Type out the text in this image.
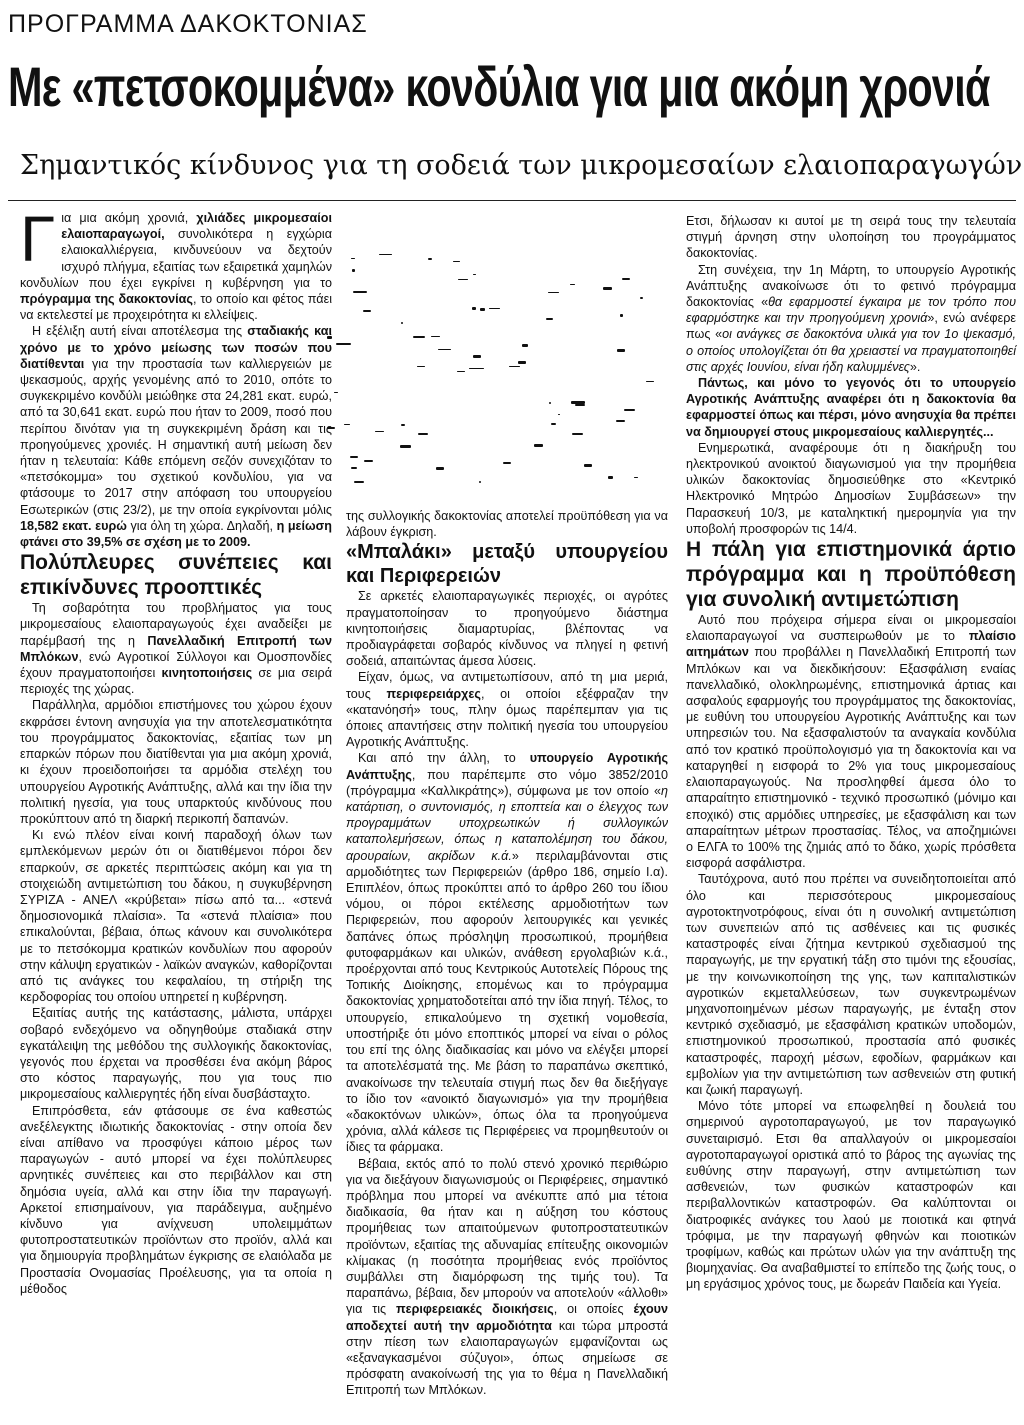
ΠΡΟΓΡΑΜΜΑ ΔΑΚΟΚΤΟΝΙΑΣ
Με «πετσοκομμένα» κονδύλια για μια ακόμη χρονιά
Σημαντικός κίνδυνος για τη σοδειά των μικρομεσαίων ελαιοπαραγωγών
Γ ια μια ακόμη χρονιά, χιλιάδες μικρομεσαίοι ελαιοπαραγωγοί, συνολικότερα η εγχώρια ελαιοκαλλιέργεια, κινδυνεύουν να δεχτούν ισχυρό πλήγμα, εξαιτίας των εξαιρετικά χαμηλών κονδυλίων που έχει εγκρίνει η κυβέρνηση για το πρόγραμμα της δακοκτονίας, το οποίο και φέτος πάει να εκτελεστεί με προχειρότητα κι ελλείψεις.

Η εξέλιξη αυτή είναι αποτέλεσμα της σταδιακής και χρόνο με το χρόνο μείωσης των ποσών που διατίθενται για την προστασία των καλλιεργειών με ψεκασμούς, αρχής γενομένης από το 2010, οπότε το συγκεκριμένο κονδύλι μειώθηκε στα 24,281 εκατ. ευρώ, από τα 30,641 εκατ. ευρώ που ήταν το 2009, ποσό που περίπου δινόταν για τη συγκεκριμένη δράση και τις προηγούμενες χρονιές. Η σημαντική αυτή μείωση δεν ήταν η τελευταία: Κάθε επόμενη σεζόν συνεχιζόταν το «πετσόκομμα» του σχετικού κονδυλίου, για να φτάσουμε το 2017 στην απόφαση του υπουργείου Εσωτερικών (στις 23/2), με την οποία εγκρίνονται μόλις 18,582 εκατ. ευρώ για όλη τη χώρα. Δηλαδή, η μείωση φτάνει στο 39,5% σε σχέση με το 2009.

Πολύπλευρες συνέπειες και επικίνδυνες προοπτικές

Τη σοβαρότητα του προβλήματος για τους μικρομεσαίους ελαιοπαραγωγούς έχει αναδείξει με παρέμβασή της η Πανελλαδική Επιτροπή των Μπλόκων, ενώ Αγροτικοί Σύλλογοι και Ομοσπονδίες έχουν πραγματοποιήσει κινητοποιήσεις σε μια σειρά περιοχές της χώρας.

Παράλληλα, αρμόδιοι επιστήμονες του χώρου έχουν εκφράσει έντονη ανησυχία για την αποτελεσματικότητα του προγράμματος δακοκτονίας, εξαιτίας των μη επαρκών πόρων που διατίθενται για μια ακόμη χρονιά, κι έχουν προειδοποιήσει τα αρμόδια στελέχη του υπουργείου Αγροτικής Ανάπτυξης, αλλά και την ίδια την πολιτική ηγεσία, για τους υπαρκτούς κινδύνους που προκύπτουν από τη διαρκή περικοπή δαπανών.

Κι ενώ πλέον είναι κοινή παραδοχή όλων των εμπλεκόμενων μερών ότι οι διατιθέμενοι πόροι δεν επαρκούν, σε αρκετές περιπτώσεις ακόμη και για τη στοιχειώδη αντιμετώπιση του δάκου, η συγκυβέρνηση ΣΥΡΙΖΑ - ΑΝΕΛ «κρύβεται» πίσω από τα... «στενά δημοσιονομικά πλαίσια». Τα «στενά πλαίσια» που επικαλούνται, βέβαια, όπως κάνουν και συνολικότερα με το πετσόκομμα κρατικών κονδυλίων που αφορούν στην κάλυψη εργατικών - λαϊκών αναγκών, καθορίζονται από τις ανάγκες του κεφαλαίου, τη στήριξη της κερδοφορίας του οποίου υπηρετεί η κυβέρνηση.

Εξαιτίας αυτής της κατάστασης, μάλιστα, υπάρχει σοβαρό ενδεχόμενο να οδηγηθούμε σταδιακά στην εγκατάλειψη της μεθόδου της συλλογικής δακοκτονίας, γεγονός που έρχεται να προσθέσει ένα ακόμη βάρος στο κόστος παραγωγής, που για τους πιο μικρομεσαίους καλλιεργητές ήδη είναι δυσβάσταχτο.

Επιπρόσθετα, εάν φτάσουμε σε ένα καθεστώς ανεξέλεγκτης ιδιωτικής δακοκτονίας - στην οποία δεν είναι απίθανο να προσφύγει κάποιο μέρος των παραγωγών - αυτό μπορεί να έχει πολύπλευρες αρνητικές συνέπειες και στο περιβάλλον και στη δημόσια υγεία, αλλά και στην ίδια την παραγωγή. Αρκετοί επισημαίνουν, για παράδειγμα, αυξημένο κίνδυνο για ανίχνευση υπολειμμάτων φυτοπροστατευτικών προϊόντων στο προϊόν, αλλά και για δημιουργία προβλημάτων έγκρισης σε ελαιόλαδα με Προστασία Ονομασίας Προέλευσης, για τα οποία η μέθοδος

της συλλογικής δακοκτονίας αποτελεί προϋπόθεση για να λάβουν έγκριση.

«Μπαλάκι» μεταξύ υπουργείου και Περιφερειών

Σε αρκετές ελαιοπαραγωγικές περιοχές, οι αγρότες πραγματοποίησαν το προηγούμενο διάστημα κινητοποιήσεις διαμαρτυρίας, βλέποντας να προδιαγράφεται σοβαρός κίνδυνος να πληγεί η φετινή σοδειά, απαιτώντας άμεσα λύσεις.

Είχαν, όμως, να αντιμετωπίσουν, από τη μια μεριά, τους περιφερειάρχες, οι οποίοι εξέφραζαν την «κατανόησή» τους, πλην όμως παρέπεμπαν για τις όποιες απαντήσεις στην πολιτική ηγεσία του υπουργείου Αγροτικής Ανάπτυξης.

Και από την άλλη, το υπουργείο Αγροτικής Ανάπτυξης, που παρέπεμπε στο νόμο 3852/2010 (πρόγραμμα «Καλλικράτης»), σύμφωνα με τον οποίο «η κατάρτιση, ο συντονισμός, η εποπτεία και ο έλεγχος των προγραμμάτων υποχρεωτικών ή συλλογικών καταπολεμήσεων, όπως η καταπολέμηση του δάκου, αρουραίων, ακρίδων κ.ά.» περιλαμβάνονται στις αρμοδιότητες των Περιφερειών (άρθρο 186, σημείο Ι.α). Επιπλέον, όπως προκύπτει από το άρθρο 260 του ίδιου νόμου, οι πόροι εκτέλεσης αρμοδιοτήτων των Περιφερειών, που αφορούν λειτουργικές και γενικές δαπάνες όπως πρόσληψη προσωπικού, προμήθεια φυτοφαρμάκων και υλικών, ανάθεση εργολαβιών κ.ά., προέρχονται από τους Κεντρικούς Αυτοτελείς Πόρους της Τοπικής Διοίκησης, επομένως και το πρόγραμμα δακοκτονίας χρηματοδοτείται από την ίδια πηγή. Τέλος, το υπουργείο, επικαλούμενο τη σχετική νομοθεσία, υποστήριξε ότι μόνο εποπτικός μπορεί να είναι ο ρόλος του επί της όλης διαδικασίας και μόνο να ελέγξει μπορεί τα αποτελέσματά της. Με βάση το παραπάνω σκεπτικό, ανακοίνωσε την τελευταία στιγμή πως δεν θα διεξήγαγε το ίδιο τον «ανοικτό διαγωνισμό» για την προμήθεια «δακοκτόνων υλικών», όπως όλα τα προηγούμενα χρόνια, αλλά κάλεσε τις Περιφέρειες να προμηθευτούν οι ίδιες τα φάρμακα.

Βέβαια, εκτός από το πολύ στενό χρονικό περιθώριο για να διεξάγουν διαγωνισμούς οι Περιφέρειες, σημαντικό πρόβλημα που μπορεί να ανέκυπτε από μια τέτοια διαδικασία, θα ήταν και η αύξηση του κόστους προμήθειας των απαιτούμενων φυτοπροστατευτικών προϊόντων, εξαιτίας της αδυναμίας επίτευξης οικονομιών κλίμακας (η ποσότητα προμήθειας ενός προϊόντος συμβάλλει στη διαμόρφωση της τιμής του). Τα παραπάνω, βέβαια, δεν μπορούν να αποτελούν «άλλοθι» για τις περιφερειακές διοικήσεις, οι οποίες έχουν αποδεχτεί αυτή την αρμοδιότητα και τώρα μπροστά στην πίεση των ελαιοπαραγωγών εμφανίζονται ως «εξαναγκασμένοι σύζυγοι», όπως σημείωσε σε πρόσφατη ανακοίνωσή της για το θέμα η Πανελλαδική Επιτροπή των Μπλόκων.

Ετσι, δήλωσαν κι αυτοί με τη σειρά τους την τελευταία στιγμή άρνηση στην υλοποίηση του προγράμματος δακοκτονίας.

Στη συνέχεια, την 1η Μάρτη, το υπουργείο Αγροτικής Ανάπτυξης ανακοίνωσε ότι το φετινό πρόγραμμα δακοκτονίας «θα εφαρμοστεί έγκαιρα με τον τρόπο που εφαρμόστηκε και την προηγούμενη χρονιά», ενώ ανέφερε πως «οι ανάγκες σε δακοκτόνα υλικά για τον 1ο ψεκασμό, ο οποίος υπολογίζεται ότι θα χρειαστεί να πραγματοποιηθεί στις αρχές Ιουνίου, είναι ήδη καλυμμένες».

Πάντως, και μόνο το γεγονός ότι το υπουργείο Αγροτικής Ανάπτυξης αναφέρει ότι η δακοκτονία θα εφαρμοστεί όπως και πέρσι, μόνο ανησυχία θα πρέπει να δημιουργεί στους μικρομεσαίους καλλιεργητές...

Ενημερωτικά, αναφέρουμε ότι η διακήρυξη του ηλεκτρονικού ανοικτού διαγωνισμού για την προμήθεια υλικών δακοκτονίας δημοσιεύθηκε στο «Κεντρικό Ηλεκτρονικό Μητρώο Δημοσίων Συμβάσεων» την Παρασκευή 10/3, με καταληκτική ημερομηνία για την υποβολή προσφορών τις 14/4.

Η πάλη για επιστημονικά άρτιο πρόγραμμα και η προϋπόθεση για συνολική αντιμετώπιση

Αυτό που πρόχειρα σήμερα είναι οι μικρομεσαίοι ελαιοπαραγωγοί να συσπειρωθούν με το πλαίσιο αιτημάτων που προβάλλει η Πανελλαδική Επιτροπή των Μπλόκων και να διεκδικήσουν: Εξασφάλιση εναίας πανελλαδικό, ολοκληρωμένης, επιστημονικά άρτιας και ασφαλούς εφαρμογής του προγράμματος της δακοκτονίας, με ευθύνη του υπουργείου Αγροτικής Ανάπτυξης και των υπηρεσιών του. Να εξασφαλιστούν τα αναγκαία κονδύλια από τον κρατικό προϋπολογισμό για τη δακοκτονία και να καταργηθεί η εισφορά το 2% για τους μικρομεσαίους ελαιοπαραγωγούς. Να προσληφθεί άμεσα όλο το απαραίτητο επιστημονικό - τεχνικό προσωπικό (μόνιμο και εποχικό) στις αρμόδιες υπηρεσίες, με εξασφάλιση και των απαραίτητων μέτρων προστασίας. Τέλος, να αποζημιώνει ο ΕΛΓΑ το 100% της ζημιάς από το δάκο, χωρίς πρόσθετα εισφορά ασφάλιστρα.

Ταυτόχρονα, αυτό που πρέπει να συνειδητοποιείται από όλο και περισσότερους μικρομεσαίους αγροτοκτηνοτρόφους, είναι ότι η συνολική αντιμετώπιση των συνεπειών από τις ασθένειες και τις φυσικές καταστροφές είναι ζήτημα κεντρικού σχεδιασμού της παραγωγής, με την εργατική τάξη στο τιμόνι της εξουσίας, με την κοινωνικοποίηση της γης, των καπιταλιστικών αγροτικών εκμεταλλεύσεων, των συγκεντρωμένων μηχανοποιημένων μέσων παραγωγής, με ένταξη στον κεντρικό σχεδιασμό, με εξασφάλιση κρατικών υποδομών, επιστημονικού προσωπικού, προστασία από φυσικές καταστροφές, παροχή μέσων, εφοδίων, φαρμάκων και εμβολίων για την αντιμετώπιση των ασθενειών στη φυτική και ζωική παραγωγή.

Μόνο τότε μπορεί να επωφεληθεί η δουλειά του σημερινού αγροτοπαραγωγού, με τον παραγωγικό συνεταιρισμό. Ετσι θα απαλλαγούν οι μικρομεσαίοι αγροτοπαραγωγοί οριστικά από το βάρος της αγωνίας της ευθύνης στην παραγωγή, στην αντιμετώπιση των ασθενειών, των φυσικών καταστροφών και περιβαλλοντικών καταστροφών. Θα καλύπτονται οι διατροφικές ανάγκες του λαού με ποιοτικά και φτηνά τρόφιμα, με την παραγωγή φθηνών και ποιοτικών τροφίμων, καθώς και πρώτων υλών για την ανάπτυξη της βιομηχανίας. Θα αναβαθμιστεί το επίπεδο της ζωής τους, ο μη εργάσιμος χρόνος τους, με δωρεάν Παιδεία και Υγεία.
